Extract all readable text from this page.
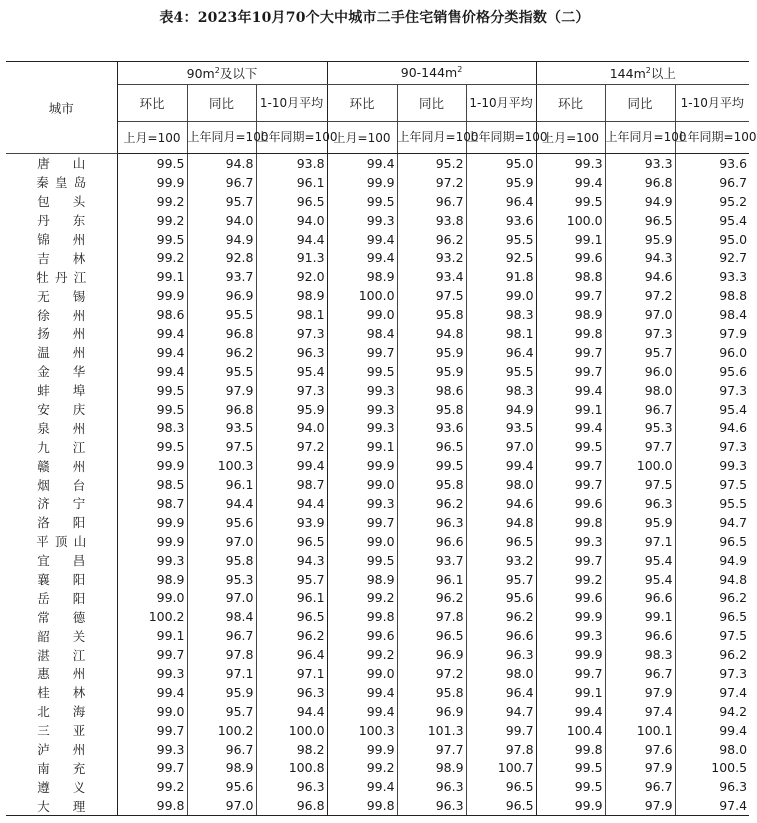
表4：2023年10月70个大中城市二手住宅销售价格分类指数（二）
城市	$90m^2$及以下			$90-144m^2$			$144m^2$以上		
	环比	同比	1-10月平均	环比	同比	1-10月平均	环比	同比	1-10月平均
	上月=100	上年同月=100	上年同期=100	上月=100	上年同月=100	上年同期=100	上月=100	上年同月=100	上年同期=100
唐山	99.5	94.8	93.8	99.4	95.2	95.0	99.3	93.3	93.6
秦皇岛	99.9	96.7	96.1	99.9	97.2	95.9	99.4	96.8	96.7
包头	99.2	95.7	96.5	99.5	96.7	96.4	99.5	94.9	95.2
丹东	99.2	94.0	94.0	99.3	93.8	93.6	100.0	96.5	95.4
锦州	99.5	94.9	94.4	99.4	96.2	95.5	99.1	95.9	95.0
吉林	99.2	92.8	91.3	99.4	93.2	92.5	99.6	94.3	92.7
牡丹江	99.1	93.7	92.0	98.9	93.4	91.8	98.8	94.6	93.3
无锡	99.9	96.9	98.9	100.0	97.5	99.0	99.7	97.2	98.8
徐州	98.6	95.5	98.1	99.0	95.8	98.3	98.9	97.0	98.4
扬州	99.4	96.8	97.3	98.4	94.8	98.1	99.8	97.3	97.9
温州	99.4	96.2	96.3	99.7	95.9	96.4	99.7	95.7	96.0
金华	99.4	95.5	95.4	99.5	95.9	95.5	99.7	96.0	95.6
蚌埠	99.5	97.9	97.3	99.3	98.6	98.3	99.4	98.0	97.3
安庆	99.5	96.8	95.9	99.3	95.8	94.9	99.1	96.7	95.4
泉州	98.3	93.5	94.0	99.3	93.6	93.5	99.4	95.3	94.6
九江	99.5	97.5	97.2	99.1	96.5	97.0	99.5	97.7	97.3
赣州	99.9	100.3	99.4	99.9	99.5	99.4	99.7	100.0	99.3
烟台	98.5	96.1	98.7	99.0	95.8	98.0	99.7	97.5	97.5
济宁	98.7	94.4	94.4	99.3	96.2	94.6	99.6	96.3	95.5
洛阳	99.9	95.6	93.9	99.7	96.3	94.8	99.8	95.9	94.7
平顶山	99.9	97.0	96.5	99.0	96.6	96.5	99.3	97.1	96.5
宜昌	99.3	95.8	94.3	99.5	93.7	93.2	99.7	95.4	94.9
襄阳	98.9	95.3	95.7	98.9	96.1	95.7	99.2	95.4	94.8
岳阳	99.0	97.0	96.1	99.2	96.2	95.6	99.6	96.6	96.2
常德	100.2	98.4	96.5	99.8	97.8	96.2	99.9	99.1	96.5
韶关	99.1	96.7	96.2	99.6	96.5	96.6	99.3	96.6	97.5
湛江	99.7	97.8	96.4	99.2	96.9	96.3	99.9	98.3	96.2
惠州	99.3	97.1	97.1	99.0	97.2	98.0	99.7	96.7	97.3
桂林	99.4	95.9	96.3	99.4	95.8	96.4	99.1	97.9	97.4
北海	99.0	95.7	94.4	99.4	96.9	94.7	99.4	97.4	94.2
三亚	99.7	100.2	100.0	100.3	101.3	99.7	100.4	100.1	99.4
泸州	99.3	96.7	98.2	99.9	97.7	97.8	99.8	97.6	98.0
南充	99.7	98.9	100.8	99.2	98.9	100.7	99.5	97.9	100.5
遵义	99.2	95.6	96.3	99.4	96.3	96.5	99.5	96.7	96.3
大理	99.8	97.0	96.8	99.8	96.3	96.5	99.9	97.9	97.4
